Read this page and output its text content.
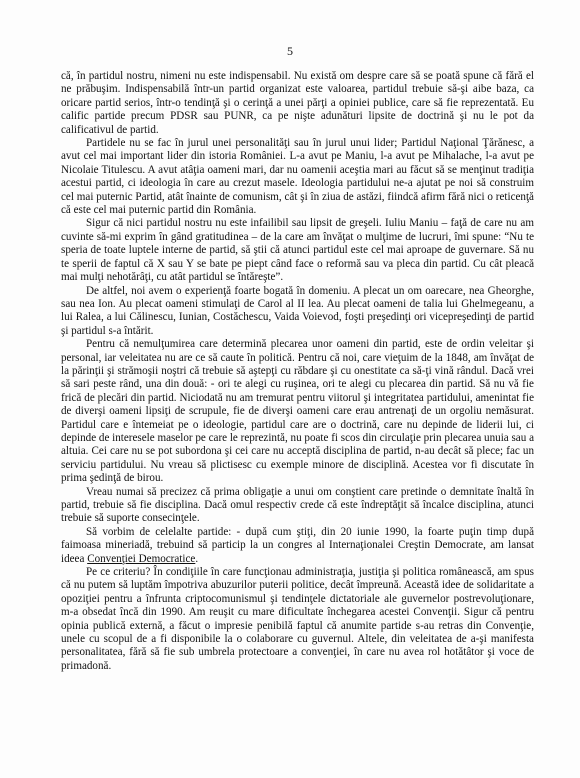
5

că, în partidul nostru, nimeni nu este indispensabil. Nu există om despre care să se poată spune că fără el ne prăbuşim. Indispensabilă într-un partid organizat este valoarea, partidul trebuie să-şi aibe baza, ca oricare partid serios, într-o tendinţă şi o cerinţă a unei părţi a opiniei publice, care să fie reprezentată. Eu calific partide precum PDSR sau PUNR, ca pe nişte adunături lipsite de doctrină şi nu le pot da calificativul de partid.

Partidele nu se fac în jurul unei personalităţi sau în jurul unui lider; Partidul Naţional Ţărănesc, a avut cel mai important lider din istoria României. L-a avut pe Maniu, l-a avut pe Mihalache, l-a avut pe Nicolaie Titulescu. A avut atâţia oameni mari, dar nu oamenii aceştia mari au făcut să se menţinut tradiţia acestui partid, ci ideologia în care au crezut masele. Ideologia partidului ne-a ajutat pe noi să construim cel mai puternic Partid, atât înainte de comunism, cât şi în ziua de astăzi, fiindcă afirm fără nici o reticenţă că este cel mai puternic partid din România.

Sigur că nici partidul nostru nu este infailibil sau lipsit de greşeli. Iuliu Maniu – faţă de care nu am cuvinte să-mi exprim în gând gratitudinea – de la care am învăţat o mulţime de lucruri, îmi spune: “Nu te speria de toate luptele interne de partid, să ştii că atunci partidul este cel mai aproape de guvernare. Să nu te sperii de faptul că X sau Y se bate pe piept când face o reformă sau va pleca din partid. Cu cât pleacă mai mulţi nehotărâţi, cu atât partidul se întăreşte”.

De altfel, noi avem o experienţă foarte bogată în domeniu. A plecat un om oarecare, nea Gheorghe, sau nea Ion. Au plecat oameni stimulaţi de Carol al II lea. Au plecat oameni de talia lui Ghelmegeanu, a lui Ralea, a lui Călinescu, Iunian, Costăchescu, Vaida Voievod, foşti preşedinţi ori vicepreşedinţi de partid şi partidul s-a întărit.

Pentru că nemulţumirea care determină plecarea unor oameni din partid, este de ordin veleitar şi personal, iar veleitatea nu are ce să caute în politică. Pentru că noi, care vieţuim de la 1848, am învăţat de la părinţii şi strămoşii noştri că trebuie să aştepţi cu răbdare şi cu onestitate ca să-ţi vină rândul. Dacă vrei să sari peste rând, una din două: - ori te alegi cu ruşinea, ori te alegi cu plecarea din partid. Să nu vă fie frică de plecări din partid. Niciodată nu am tremurat pentru viitorul şi integritatea partidului, amenintat fie de diverşi oameni lipsiţi de scrupule, fie de diverşi oameni care erau antrenaţi de un orgoliu nemăsurat. Partidul care e întemeiat pe o ideologie, partidul care are o doctrină, care nu depinde de liderii lui, ci depinde de interesele maselor pe care le reprezintă, nu poate fi scos din circulaţie prin plecarea unuia sau a altuia. Cei care nu se pot subordona şi cei care nu acceptă disciplina de partid, n-au decât să plece; fac un serviciu partidului. Nu vreau să plictisesc cu exemple minore de disciplină. Acestea vor fi discutate în prima şedinţă de birou.

Vreau numai să precizez că prima obligaţie a unui om conştient care pretinde o demnitate înaltă în partid, trebuie să fie disciplina. Dacă omul respectiv crede că este îndreptăţit să încalce disciplina, atunci trebuie să suporte consecinţele.

Să vorbim de celelalte partide: - după cum ştiţi, din 20 iunie 1990, la foarte puţin timp după faimoasa mineriadă, trebuind să particip la un congres al Internaţionalei Creştin Democrate, am lansat ideea Convenţiei Democratice.

Pe ce criteriu? În condiţiile în care funcţionau administraţia, justiţia şi politica românească, am spus că nu putem să luptăm împotriva abuzurilor puterii politice, decât împreună. Această idee de solidaritate a opoziţiei pentru a înfrunta criptocomunismul şi tendinţele dictatoriale ale guvernelor postrevoluţionare, m-a obsedat încă din 1990. Am reuşit cu mare dificultate închegarea acestei Convenţii. Sigur că pentru opinia publică externă, a făcut o impresie penibilă faptul că anumite partide s-au retras din Convenţie, unele cu scopul de a fi disponibile la o colaborare cu guvernul. Altele, din veleitatea de a-şi manifesta personalitatea, fără să fie sub umbrela protectoare a convenţiei, în care nu avea rol hotătâtor şi voce de primadonă.
